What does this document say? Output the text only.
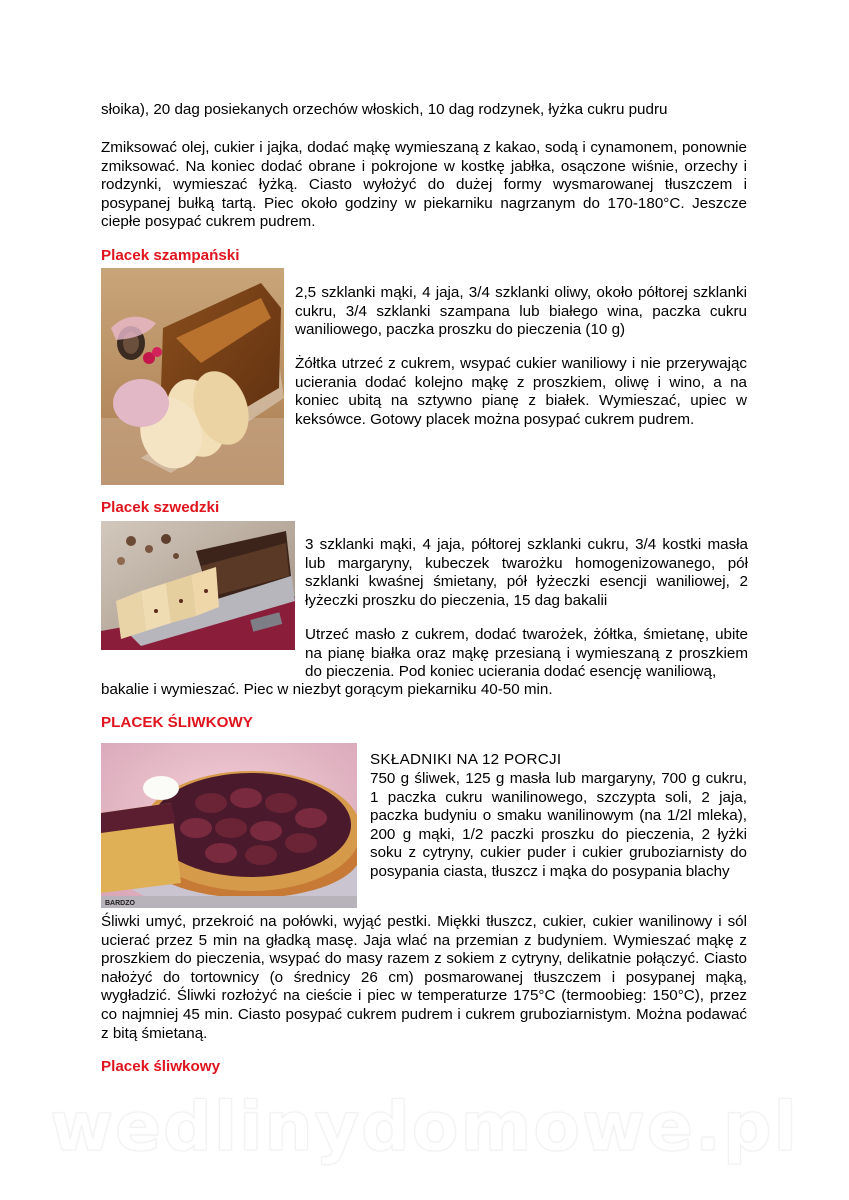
słoika), 20 dag posiekanych orzechów włoskich, 10 dag rodzynek, łyżka cukru pudru

Zmiksować olej, cukier i jajka, dodać mąkę wymieszaną z kakao, sodą i cynamonem, ponownie zmiksować. Na koniec dodać obrane i pokrojone w kostkę jabłka, osączone wiśnie, orzechy i rodzynki, wymieszać łyżką. Ciasto wyłożyć do dużej formy wysmarowanej tłuszczem i posypanej bułką tartą. Piec około godziny w piekarniku nagrzanym do 170-180°C. Jeszcze ciepłe posypać cukrem pudrem.

Placek szampański

2,5 szklanki mąki, 4 jaja, 3/4 szklanki oliwy, około półtorej szklanki cukru, 3/4 szklanki szampana lub białego wina, paczka cukru waniliowego, paczka proszku do pieczenia (10 g)

Żółtka utrzeć z cukrem, wsypać cukier waniliowy i nie przerywając ucierania dodać kolejno mąkę z proszkiem, oliwę i wino, a na koniec ubitą na sztywno pianę z białek. Wymieszać, upiec w keksówce. Gotowy placek można posypać cukrem pudrem.

Placek szwedzki

3 szklanki mąki, 4 jaja, półtorej szklanki cukru, 3/4 kostki masła lub margaryny, kubeczek twarożku homogenizowanego, pół szklanki kwaśnej śmietany, pół łyżeczki esencji waniliowej, 2 łyżeczki proszku do pieczenia, 15 dag bakalii

Utrzeć masło z cukrem, dodać twarożek, żółtka, śmietanę, ubite na pianę białka oraz mąkę przesianą i wymieszaną z proszkiem do pieczenia. Pod koniec ucierania dodać esencję waniliową,

bakalie i wymieszać. Piec w niezbyt gorącym piekarniku 40-50 min.

PLACEK ŚLIWKOWY
BARDZO

SKŁADNIKI NA 12 PORCJI

750 g śliwek, 125 g masła lub margaryny, 700 g cukru, 1 paczka cukru wanilinowego, szczypta soli, 2 jaja, paczka budyniu o smaku wanilinowym (na 1/2l mleka), 200 g mąki, 1/2 paczki proszku do pieczenia, 2 łyżki soku z cytryny, cukier puder i cukier gruboziarnisty do posypania ciasta, tłuszcz i mąka do posypania blachy

Śliwki umyć, przekroić na połówki, wyjąć pestki. Miękki tłuszcz, cukier, cukier wanilinowy i sól ucierać przez 5 min na gładką masę. Jaja wlać na przemian z budyniem. Wymieszać mąkę z proszkiem do pieczenia, wsypać do masy razem z sokiem z cytryny, delikatnie połączyć. Ciasto nałożyć do tortownicy (o średnicy 26 cm) posmarowanej tłuszczem i posypanej mąką, wygładzić. Śliwki rozłożyć na cieście i piec w temperaturze 175°C (termoobieg: 150°C), przez co najmniej 45 min. Ciasto posypać cukrem pudrem i cukrem gruboziarnistym. Można podawać z bitą śmietaną.

Placek śliwkowy

wedlinydomowe.pl
